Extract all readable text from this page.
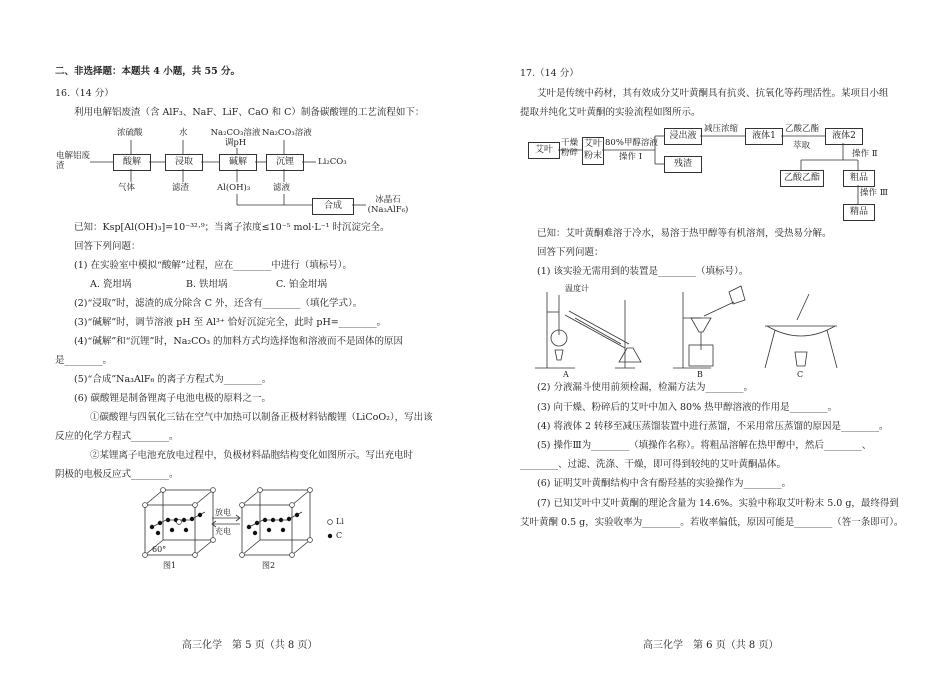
二、非选择题：本题共 4 小题，共 55 分。
16.（14 分）
利用电解铝废渣（含 AlF₃、NaF、LiF、CaO 和 C）制备碳酸锂的工艺流程如下：
浓硫酸	水	Na₂CO₃溶液调pH
Na₂CO₃溶液
电解铝废渣	酸解	浸取	碱解	沉锂	Li₂CO₃
气体	滤渣	Al(OH)₃	滤液
合成
冰晶石 (Na₃AlF₆)
已知：Ksp[Al(OH)₃]=10⁻³²·⁹；当离子浓度≤10⁻⁵ mol·L⁻¹ 时沉淀完全。
回答下列问题：
(1) 在实验室中模拟“酸解”过程，应在________中进行（填标号）。
A. 瓷坩埚	B. 铁坩埚	C. 铂金坩埚
(2)“浸取”时，滤渣的成分除含 C 外，还含有________（填化学式）。
(3)“碱解”时，调节溶液 pH 至 Al³⁺ 恰好沉淀完全，此时 pH=________。
(4)“碱解”和“沉锂”时，Na₂CO₃ 的加料方式均选择饱和溶液而不是固体的原因
是________。
(5)“合成”Na₃AlF₆ 的离子方程式为________。
(6) 碳酸锂是制备锂离子电池电极的原料之一。
①碳酸锂与四氧化三钴在空气中加热可以制备正极材料钴酸锂（LiCoO₂），写出该
反应的化学方程式________。
②某锂离子电池充放电过程中，负极材料晶胞结构变化如图所示。写出充电时
阴极的电极反应式________。
放电
充电
Li
C
60°
图1	图2
高三化学　第 5 页（共 8 页）
17.（14 分）
艾叶是传统中药材，其有效成分艾叶黄酮具有抗炎、抗氧化等药理活性。某项目小组
提取并纯化艾叶黄酮的实验流程如图所示。
艾叶
干燥 粉碎
艾叶粉末
80%甲醇溶液
操作 Ⅰ
浸出液
残渣
减压浓缩
液体1
乙酸乙酯
萃取
液体2
操作 Ⅱ
乙酸乙酯	粗品
操作 Ⅲ
精品
已知：艾叶黄酮难溶于冷水，易溶于热甲醇等有机溶剂，受热易分解。
回答下列问题：
(1) 该实验无需用到的装置是________（填标号）。
温度计
A	B	C
(2) 分液漏斗使用前须检漏，检漏方法为________。
(3) 向干燥、粉碎后的艾叶中加入 80% 热甲醇溶液的作用是________。
(4) 将液体 2 转移至减压蒸馏装置中进行蒸馏，不采用常压蒸馏的原因是________。
(5) 操作Ⅲ为________（填操作名称）。将粗品溶解在热甲醇中，然后________、
________、过滤、洗涤、干燥，即可得到较纯的艾叶黄酮晶体。
(6) 证明艾叶黄酮结构中含有酚羟基的实验操作为________。
(7) 已知艾叶中艾叶黄酮的理论含量为 14.6%。实验中称取艾叶粉末 5.0 g，最终得到
艾叶黄酮 0.5 g，实验收率为________。若收率偏低，原因可能是________（答一条即可）。
高三化学　第 6 页（共 8 页）
